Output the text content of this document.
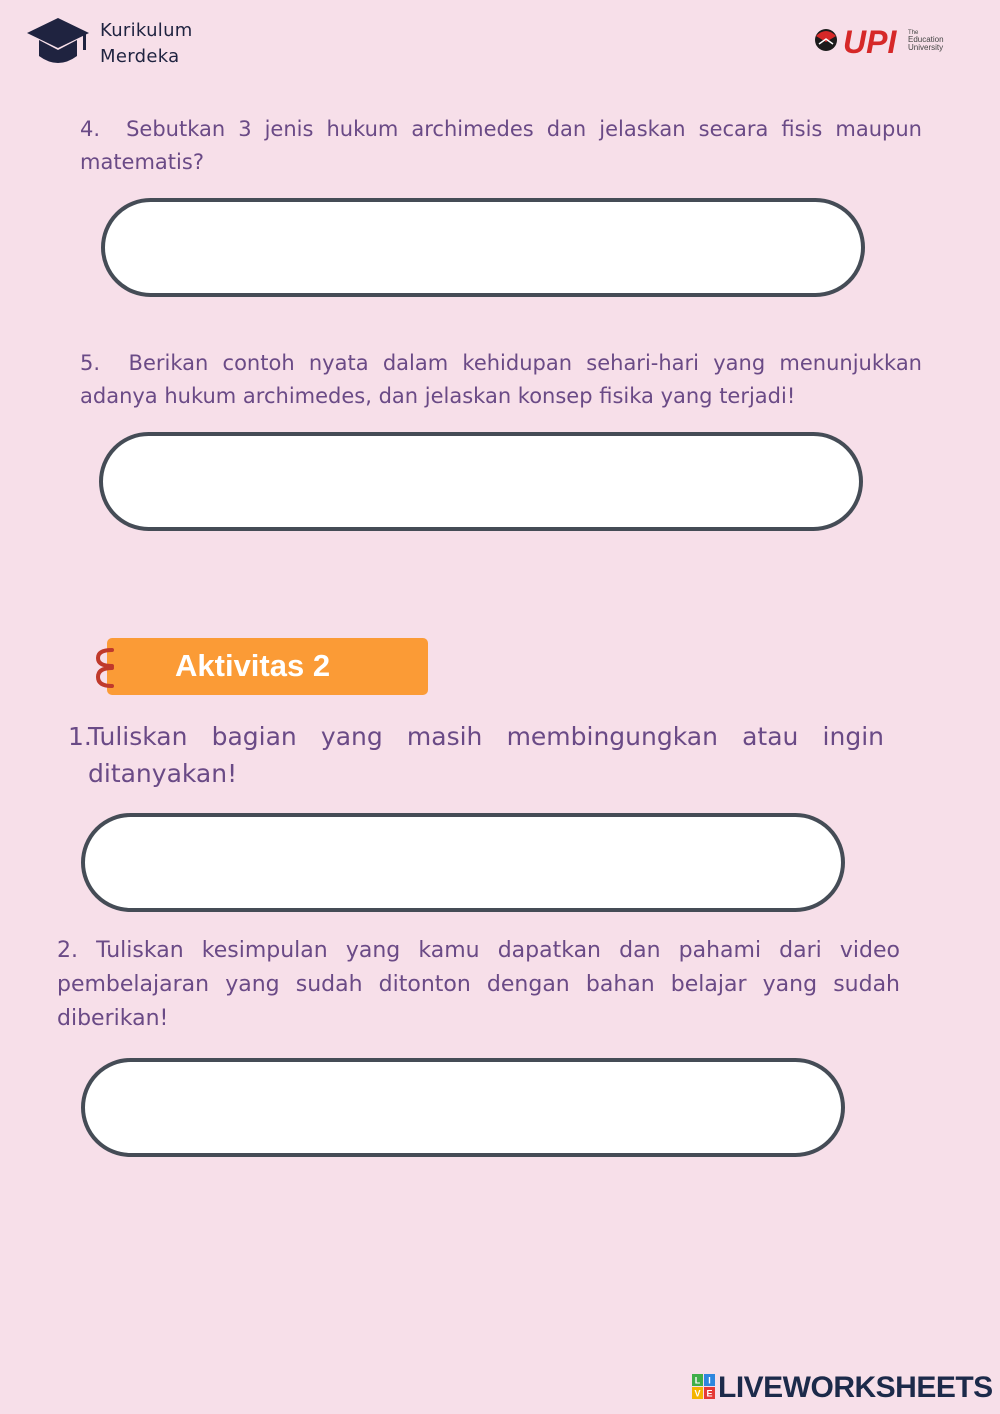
Kurikulum
Merdeka	UPI The
Education
University
4. Sebutkan 3 jenis hukum archimedes dan jelaskan secara fisis maupun matematis?
5. Berikan contoh nyata dalam kehidupan sehari-hari yang menunjukkan adanya hukum archimedes, dan jelaskan konsep fisika yang terjadi!
Aktivitas 2
1.
Tuliskan bagian yang masih membingungkan atau ingin ditanyakan!
2. Tuliskan kesimpulan yang kamu dapatkan dan pahami dari video pembelajaran yang sudah ditonton dengan bahan belajar yang sudah diberikan!
L I
V E LIVEWORKSHEETS
